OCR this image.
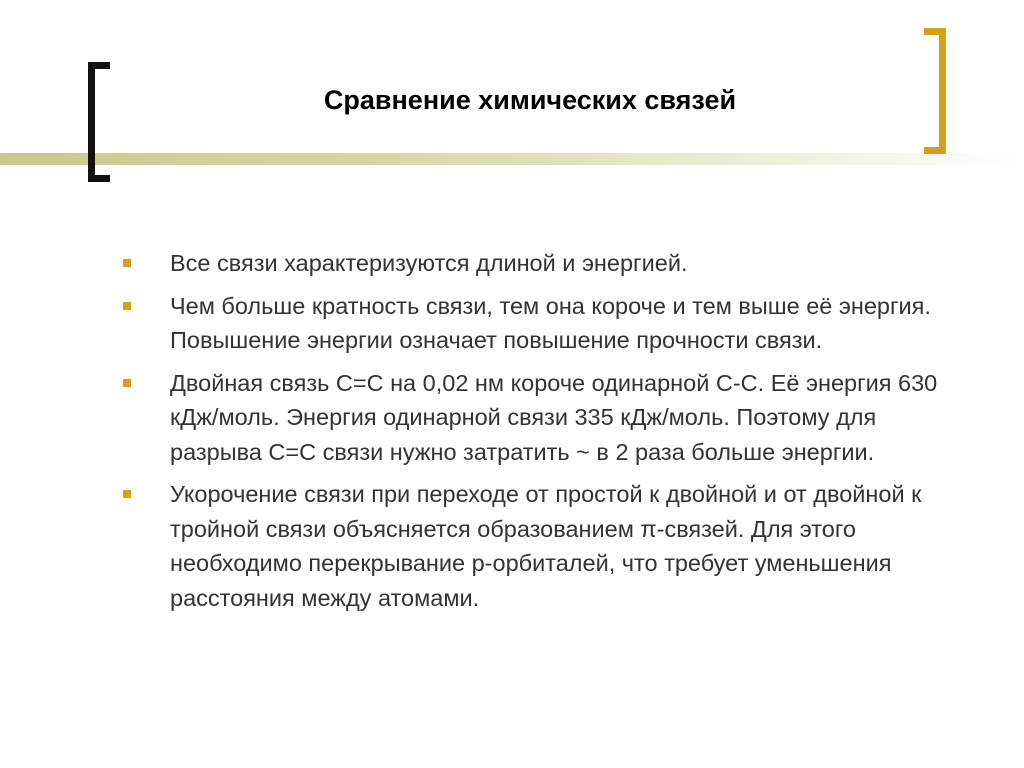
Сравнение химических связей
Все связи характеризуются длиной и энергией.
Чем больше кратность связи, тем она короче и тем выше её энергия. Повышение энергии означает повышение прочности связи.
Двойная связь С=С на 0,02 нм короче одинарной С-С. Её энергия 630 кДж/моль. Энергия одинарной связи 335 кДж/моль. Поэтому для разрыва С=С связи нужно затратить ~ в 2 раза больше энергии.
Укорочение связи при переходе от простой к двойной и от двойной к тройной связи объясняется образованием π-связей. Для этого необходимо перекрывание р-орбиталей, что требует уменьшения расстояния между атомами.
